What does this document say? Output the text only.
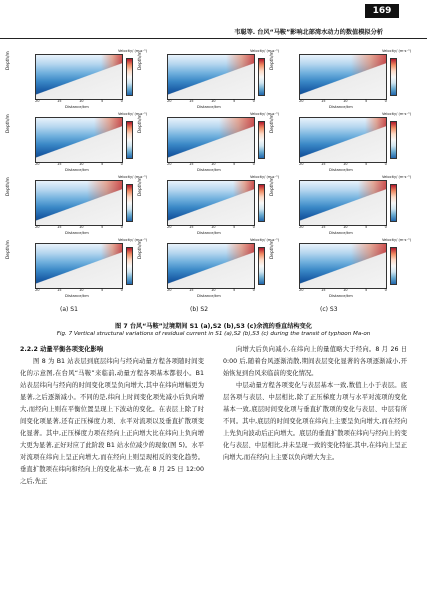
169
韦聪等. 台风“马鞍”影响北部湾水动力的数值模拟分析
Depth/m
Velocity/ (m·s⁻¹)
20	15	10	5	0
Distance/km
Depth/m
Velocity/ (m·s⁻¹)
20	15	10	5	0
Distance/km
Depth/m
Velocity/ (m·s⁻¹)
20	15	10	5	0
Distance/km
Depth/m
Velocity/ (m·s⁻¹)
20	15	10	5	0
Distance/km
Depth/m
Velocity/ (m·s⁻¹)
20	15	10	5	0
Distance/km
Depth/m
Velocity/ (m·s⁻¹)
20	15	10	5	0
Distance/km
Depth/m
Velocity/ (m·s⁻¹)
20	15	10	5	0
Distance/km
Depth/m
Velocity/ (m·s⁻¹)
20	15	10	5	0
Distance/km
Depth/m
Velocity/ (m·s⁻¹)
20	15	10	5	0
Distance/km
Depth/m
Velocity/ (m·s⁻¹)
20	15	10	5	0
Distance/km
Depth/m
Velocity/ (m·s⁻¹)
20	15	10	5	0
Distance/km
Depth/m
Velocity/ (m·s⁻¹)
20	15	10	5	0
Distance/km
(a) S1	(b) S2	(c) S3
图 7 台风“马鞍”过境期间 S1 (a),S2 (b),S3 (c)余流的垂直结构变化
Fig. 7 Vertical structural variations of residual current in S1 (a),S2 (b),S3 (c) during the transit of typhoon Ma-on

2.2.2 动量平衡各项变化影响

图 8 为 B1 站表层到底层纬向与经向动量方程各项随时间变化的示意图,在台风“马鞍”来临前,动量方程各项基本都很小。B1 站表层纬向与经向的时间变化项呈负向增大,其中在纬向增幅更为显著,之后逐渐减小。不同的是,纬向上时间变化项先减小后负向增大,而经向上则在平衡位置呈现上下波动的变化。在表层上除了时间变化项显著,还有正压梯度力项、水平对流项以及垂直扩散项变化显著。其中,正压梯度力项在经向上正向增大比在纬向上负向增大更为显著,正好对应了此阶段 B1 站水位减少的现象(图 5)。水平对流项在纬向上呈正向增大,而在经向上则呈现相反的变化趋势。垂直扩散项在纬向和经向上的变化基本一致,在 8 月 25 日 12:00 之后,先正

向增大后负向减小,在纬向上的量值略大于经向。8 月 26 日 0:00 后,随着台风逐渐消散,期间表层变化显著的各项逐渐减小,开始恢复到台风来临前的变化情况。

中层动量方程各项变化与表层基本一致,数值上小于表层。底层各项与表层、中层相比,除了正压梯度力项与水平对流项的变化基本一致,底层时间变化项与垂直扩散项的变化与表层、中层有所不同。其中,底层的时间变化项在纬向上主要呈负向增大,而在经向上先负向波动后正向增大。底层的垂直扩散项在纬向与经向上的变化与表层、中层相比,并未呈现一致的变化特征,其中,在纬向上呈正向增大,而在经向上主要以负向增大为主。
